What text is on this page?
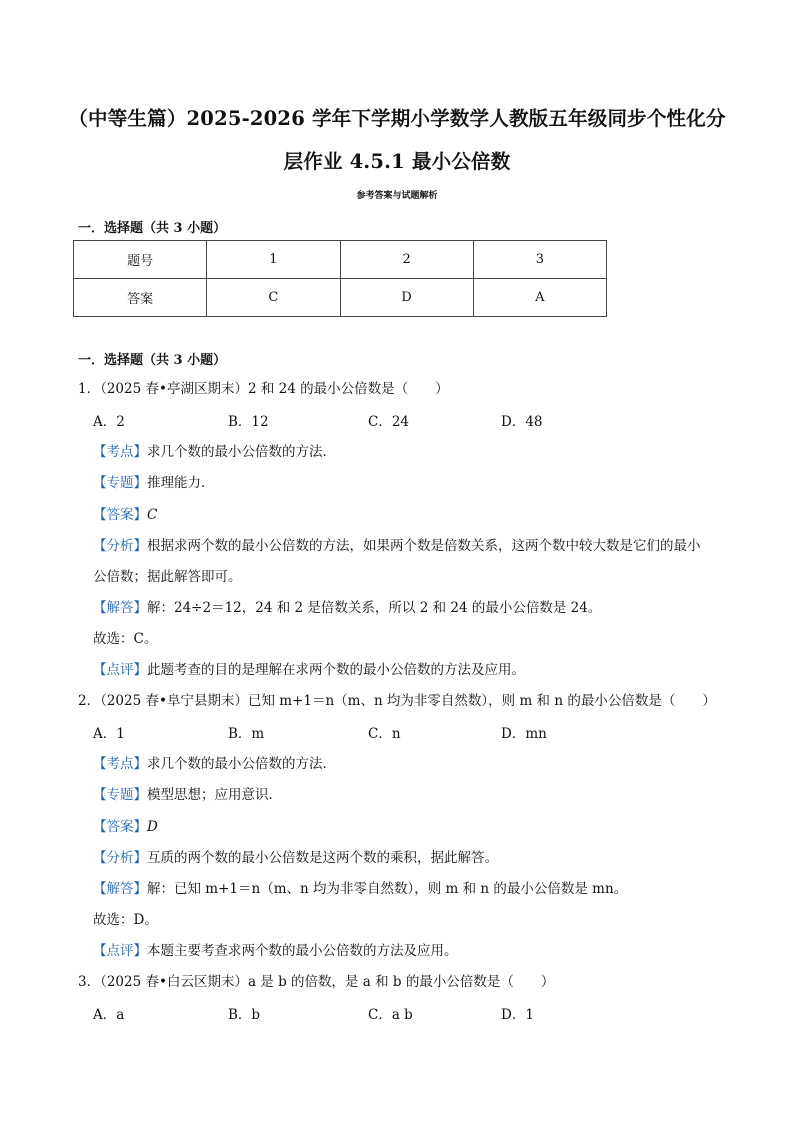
（中等生篇）2025-2026 学年下学期小学数学人教版五年级同步个性化分
层作业 4.5.1 最小公倍数
参考答案与试题解析
一．选择题（共 3 小题）
题号	1	2	3
答案	C	D	A
一．选择题（共 3 小题）
1．（2025 春•亭湖区期末）2 和 24 的最小公倍数是（　　）
A．2	B．12	C．24	D．48
【考点】求几个数的最小公倍数的方法．
【专题】推理能力．
【答案】C
【分析】根据求两个数的最小公倍数的方法，如果两个数是倍数关系，这两个数中较大数是它们的最小
公倍数；据此解答即可。
【解答】解：24÷2＝12，24 和 2 是倍数关系，所以 2 和 24 的最小公倍数是 24。
故选：C。
【点评】此题考查的目的是理解在求两个数的最小公倍数的方法及应用。
2．（2025 春•阜宁县期末）已知 m+1＝n（m、n 均为非零自然数），则 m 和 n 的最小公倍数是（　　）
A．1	B．m	C．n	D．mn
【考点】求几个数的最小公倍数的方法．
【专题】模型思想；应用意识．
【答案】D
【分析】互质的两个数的最小公倍数是这两个数的乘积，据此解答。
【解答】解：已知 m+1＝n（m、n 均为非零自然数），则 m 和 n 的最小公倍数是 mn。
故选：D。
【点评】本题主要考查求两个数的最小公倍数的方法及应用。
3．（2025 春•白云区期末）a 是 b 的倍数，是 a 和 b 的最小公倍数是（　　）
A．a	B．b	C．a b	D．1
